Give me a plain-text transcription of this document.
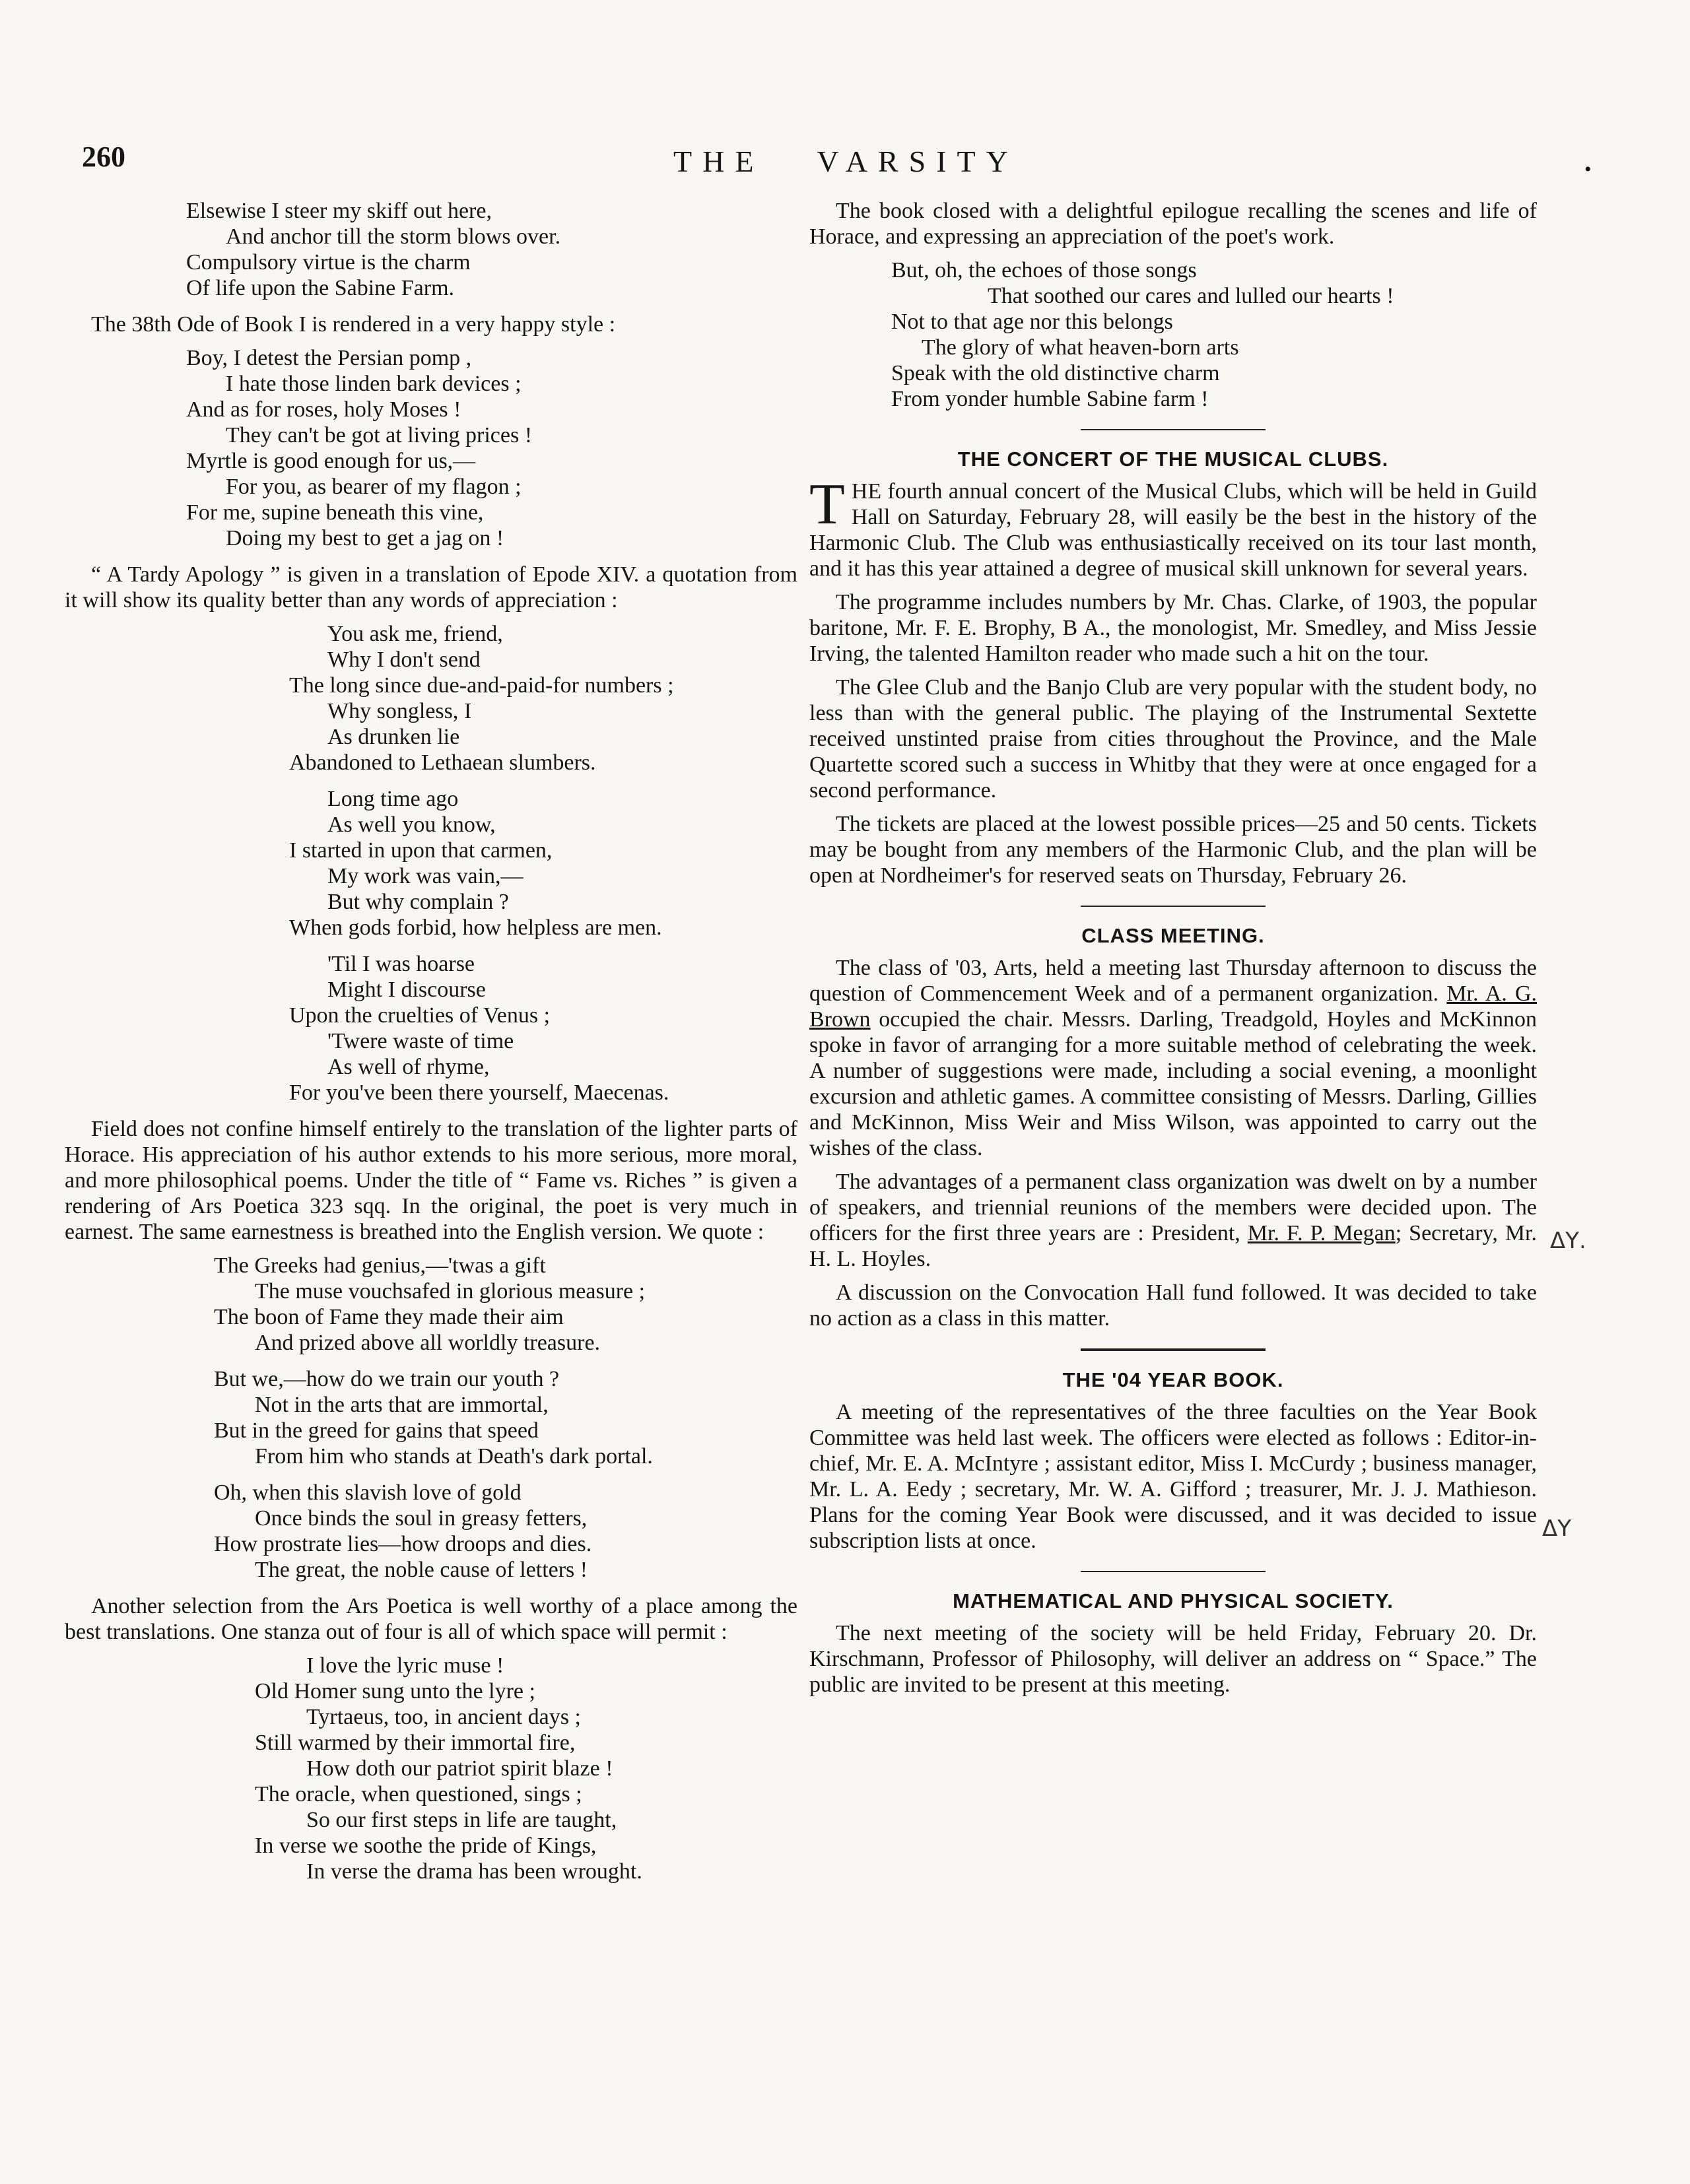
260	THE VARSITY	•
Elsewise I steer my skiff out here,
And anchor till the storm blows over.
Compulsory virtue is the charm
Of life upon the Sabine Farm.

The 38th Ode of Book I is rendered in a very happy style :

Boy, I detest the Persian pomp ,
I hate those linden bark devices ;
And as for roses, holy Moses !
They can't be got at living prices !
Myrtle is good enough for us,—
For you, as bearer of my flagon ;
For me, supine beneath this vine,
Doing my best to get a jag on !

“ A Tardy Apology ” is given in a translation of Epode XIV. a quotation from it will show its quality better than any words of appreciation :

You ask me, friend,
Why I don't send
The long since due-and-paid-for numbers ;
Why songless, I
As drunken lie
Abandoned to Lethaean slumbers.
Long time ago
As well you know,
I started in upon that carmen,
My work was vain,—
But why complain ?
When gods forbid, how helpless are men.
'Til I was hoarse
Might I discourse
Upon the cruelties of Venus ;
'Twere waste of time
As well of rhyme,
For you've been there yourself, Maecenas.

Field does not confine himself entirely to the translation of the lighter parts of Horace. His appreciation of his author extends to his more serious, more moral, and more philosophical poems. Under the title of “ Fame vs. Riches ” is given a rendering of Ars Poetica 323 sqq. In the original, the poet is very much in earnest. The same earnestness is breathed into the English version. We quote :

The Greeks had genius,—'twas a gift
The muse vouchsafed in glorious measure ;
The boon of Fame they made their aim
And prized above all worldly treasure.
But we,—how do we train our youth ?
Not in the arts that are immortal,
But in the greed for gains that speed
From him who stands at Death's dark portal.
Oh, when this slavish love of gold
Once binds the soul in greasy fetters,
How prostrate lies—how droops and dies.
The great, the noble cause of letters !

Another selection from the Ars Poetica is well worthy of a place among the best translations. One stanza out of four is all of which space will permit :

I love the lyric muse !
Old Homer sung unto the lyre ;
Tyrtaeus, too, in ancient days ;
Still warmed by their immortal fire,
How doth our patriot spirit blaze !
The oracle, when questioned, sings ;
So our first steps in life are taught,
In verse we soothe the pride of Kings,
In verse the drama has been wrought.

The book closed with a delightful epilogue recalling the scenes and life of Horace, and expressing an appreciation of the poet's work.

But, oh, the echoes of those songs
That soothed our cares and lulled our hearts !
Not to that age nor this belongs
The glory of what heaven-born arts
Speak with the old distinctive charm
From yonder humble Sabine farm !
THE CONCERT OF THE MUSICAL CLUBS.

THE fourth annual concert of the Musical Clubs, which will be held in Guild Hall on Saturday, February 28, will easily be the best in the history of the Harmonic Club. The Club was enthusiastically received on its tour last month, and it has this year attained a degree of musical skill unknown for several years.

The programme includes numbers by Mr. Chas. Clarke, of 1903, the popular baritone, Mr. F. E. Brophy, B A., the monologist, Mr. Smedley, and Miss Jessie Irving, the talented Hamilton reader who made such a hit on the tour.

The Glee Club and the Banjo Club are very popular with the student body, no less than with the general public. The playing of the Instrumental Sextette received unstinted praise from cities throughout the Province, and the Male Quartette scored such a success in Whitby that they were at once engaged for a second performance.

The tickets are placed at the lowest possible prices—25 and 50 cents. Tickets may be bought from any members of the Harmonic Club, and the plan will be open at Nordheimer's for reserved seats on Thursday, February 26.

CLASS MEETING.

The class of '03, Arts, held a meeting last Thursday afternoon to discuss the question of Commencement Week and of a permanent organization. Mr. A. G. Brown occupied the chair. Messrs. Darling, Treadgold, Hoyles and McKinnon spoke in favor of arranging for a more suitable method of celebrating the week. A number of suggestions were made, including a social evening, a moonlight excursion and athletic games. A committee consisting of Messrs. Darling, Gillies and McKinnon, Miss Weir and Miss Wilson, was appointed to carry out the wishes of the class.

The advantages of a permanent class organization was dwelt on by a number of speakers, and triennial reunions of the members were decided upon. The officers for the first three years are : President, Mr. F. P. Megan; Secretary, Mr. H. L. Hoyles.

A discussion on the Convocation Hall fund followed. It was decided to take no action as a class in this matter.

THE '04 YEAR BOOK.

A meeting of the representatives of the three faculties on the Year Book Committee was held last week. The officers were elected as follows : Editor-in-chief, Mr. E. A. McIntyre ; assistant editor, Miss I. McCurdy ; business manager, Mr. L. A. Eedy ; secretary, Mr. W. A. Gifford ; treasurer, Mr. J. J. Mathieson. Plans for the coming Year Book were discussed, and it was decided to issue subscription lists at once.

MATHEMATICAL AND PHYSICAL SOCIETY.

The next meeting of the society will be held Friday, February 20. Dr. Kirschmann, Professor of Philosophy, will deliver an address on “ Space.” The public are invited to be present at this meeting.

ΔΥ.
ΔΥ
